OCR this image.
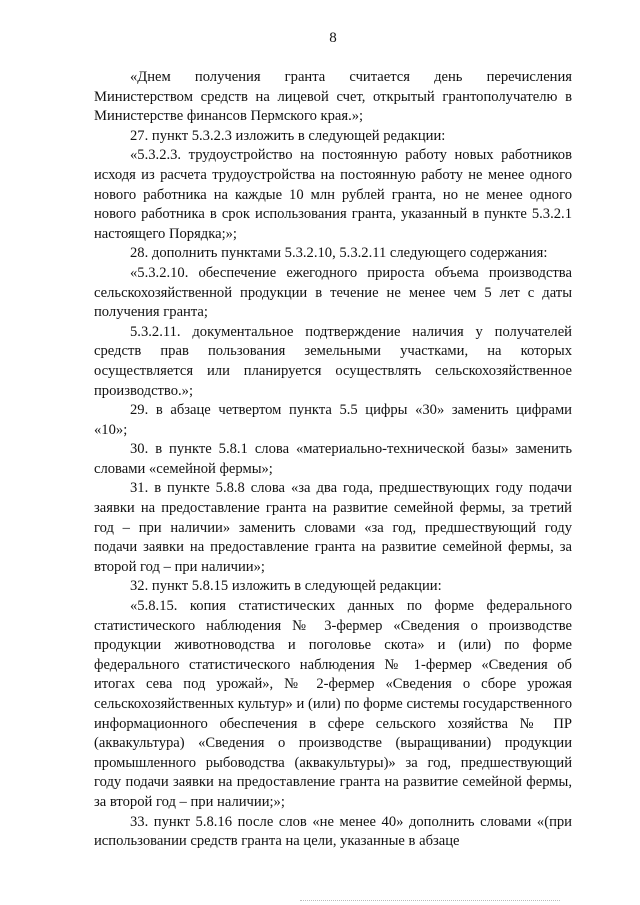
8

«Днем получения гранта считается день перечисления Министерством средств на лицевой счет, открытый грантополучателю в Министерстве финансов Пермского края.»;

27. пункт 5.3.2.3 изложить в следующей редакции:

«5.3.2.3. трудоустройство на постоянную работу новых работников исходя из расчета трудоустройства на постоянную работу не менее одного нового работника на каждые 10 млн рублей гранта, но не менее одного нового работника в срок использования гранта, указанный в пункте 5.3.2.1 настоящего Порядка;»;

28. дополнить пунктами 5.3.2.10, 5.3.2.11 следующего содержания:

«5.3.2.10. обеспечение ежегодного прироста объема производства сельскохозяйственной продукции в течение не менее чем 5 лет с даты получения гранта;

5.3.2.11. документальное подтверждение наличия у получателей средств прав пользования земельными участками, на которых осуществляется или планируется осуществлять сельскохозяйственное производство.»;

29. в абзаце четвертом пункта 5.5 цифры «30» заменить цифрами «10»;

30. в пункте 5.8.1 слова «материально-технической базы» заменить словами «семейной фермы»;

31. в пункте 5.8.8 слова «за два года, предшествующих году подачи заявки на предоставление гранта на развитие семейной фермы, за третий год – при наличии» заменить словами «за год, предшествующий году подачи заявки на предоставление гранта на развитие семейной фермы, за второй год – при наличии»;

32. пункт 5.8.15 изложить в следующей редакции:

«5.8.15. копия статистических данных по форме федерального статистического наблюдения № 3-фермер «Сведения о производстве продукции животноводства и поголовье скота» и (или) по форме федерального статистического наблюдения № 1-фермер «Сведения об итогах сева под урожай», № 2-фермер «Сведения о сборе урожая сельскохозяйственных культур» и (или) по форме системы государственного информационного обеспечения в сфере сельского хозяйства № ПР (аквакультура) «Сведения о производстве (выращивании) продукции промышленного рыбоводства (аквакультуры)» за год, предшествующий году подачи заявки на предоставление гранта на развитие семейной фермы, за второй год – при наличии;»;

33. пункт 5.8.16 после слов «не менее 40» дополнить словами «(при использовании средств гранта на цели, указанные в абзаце
